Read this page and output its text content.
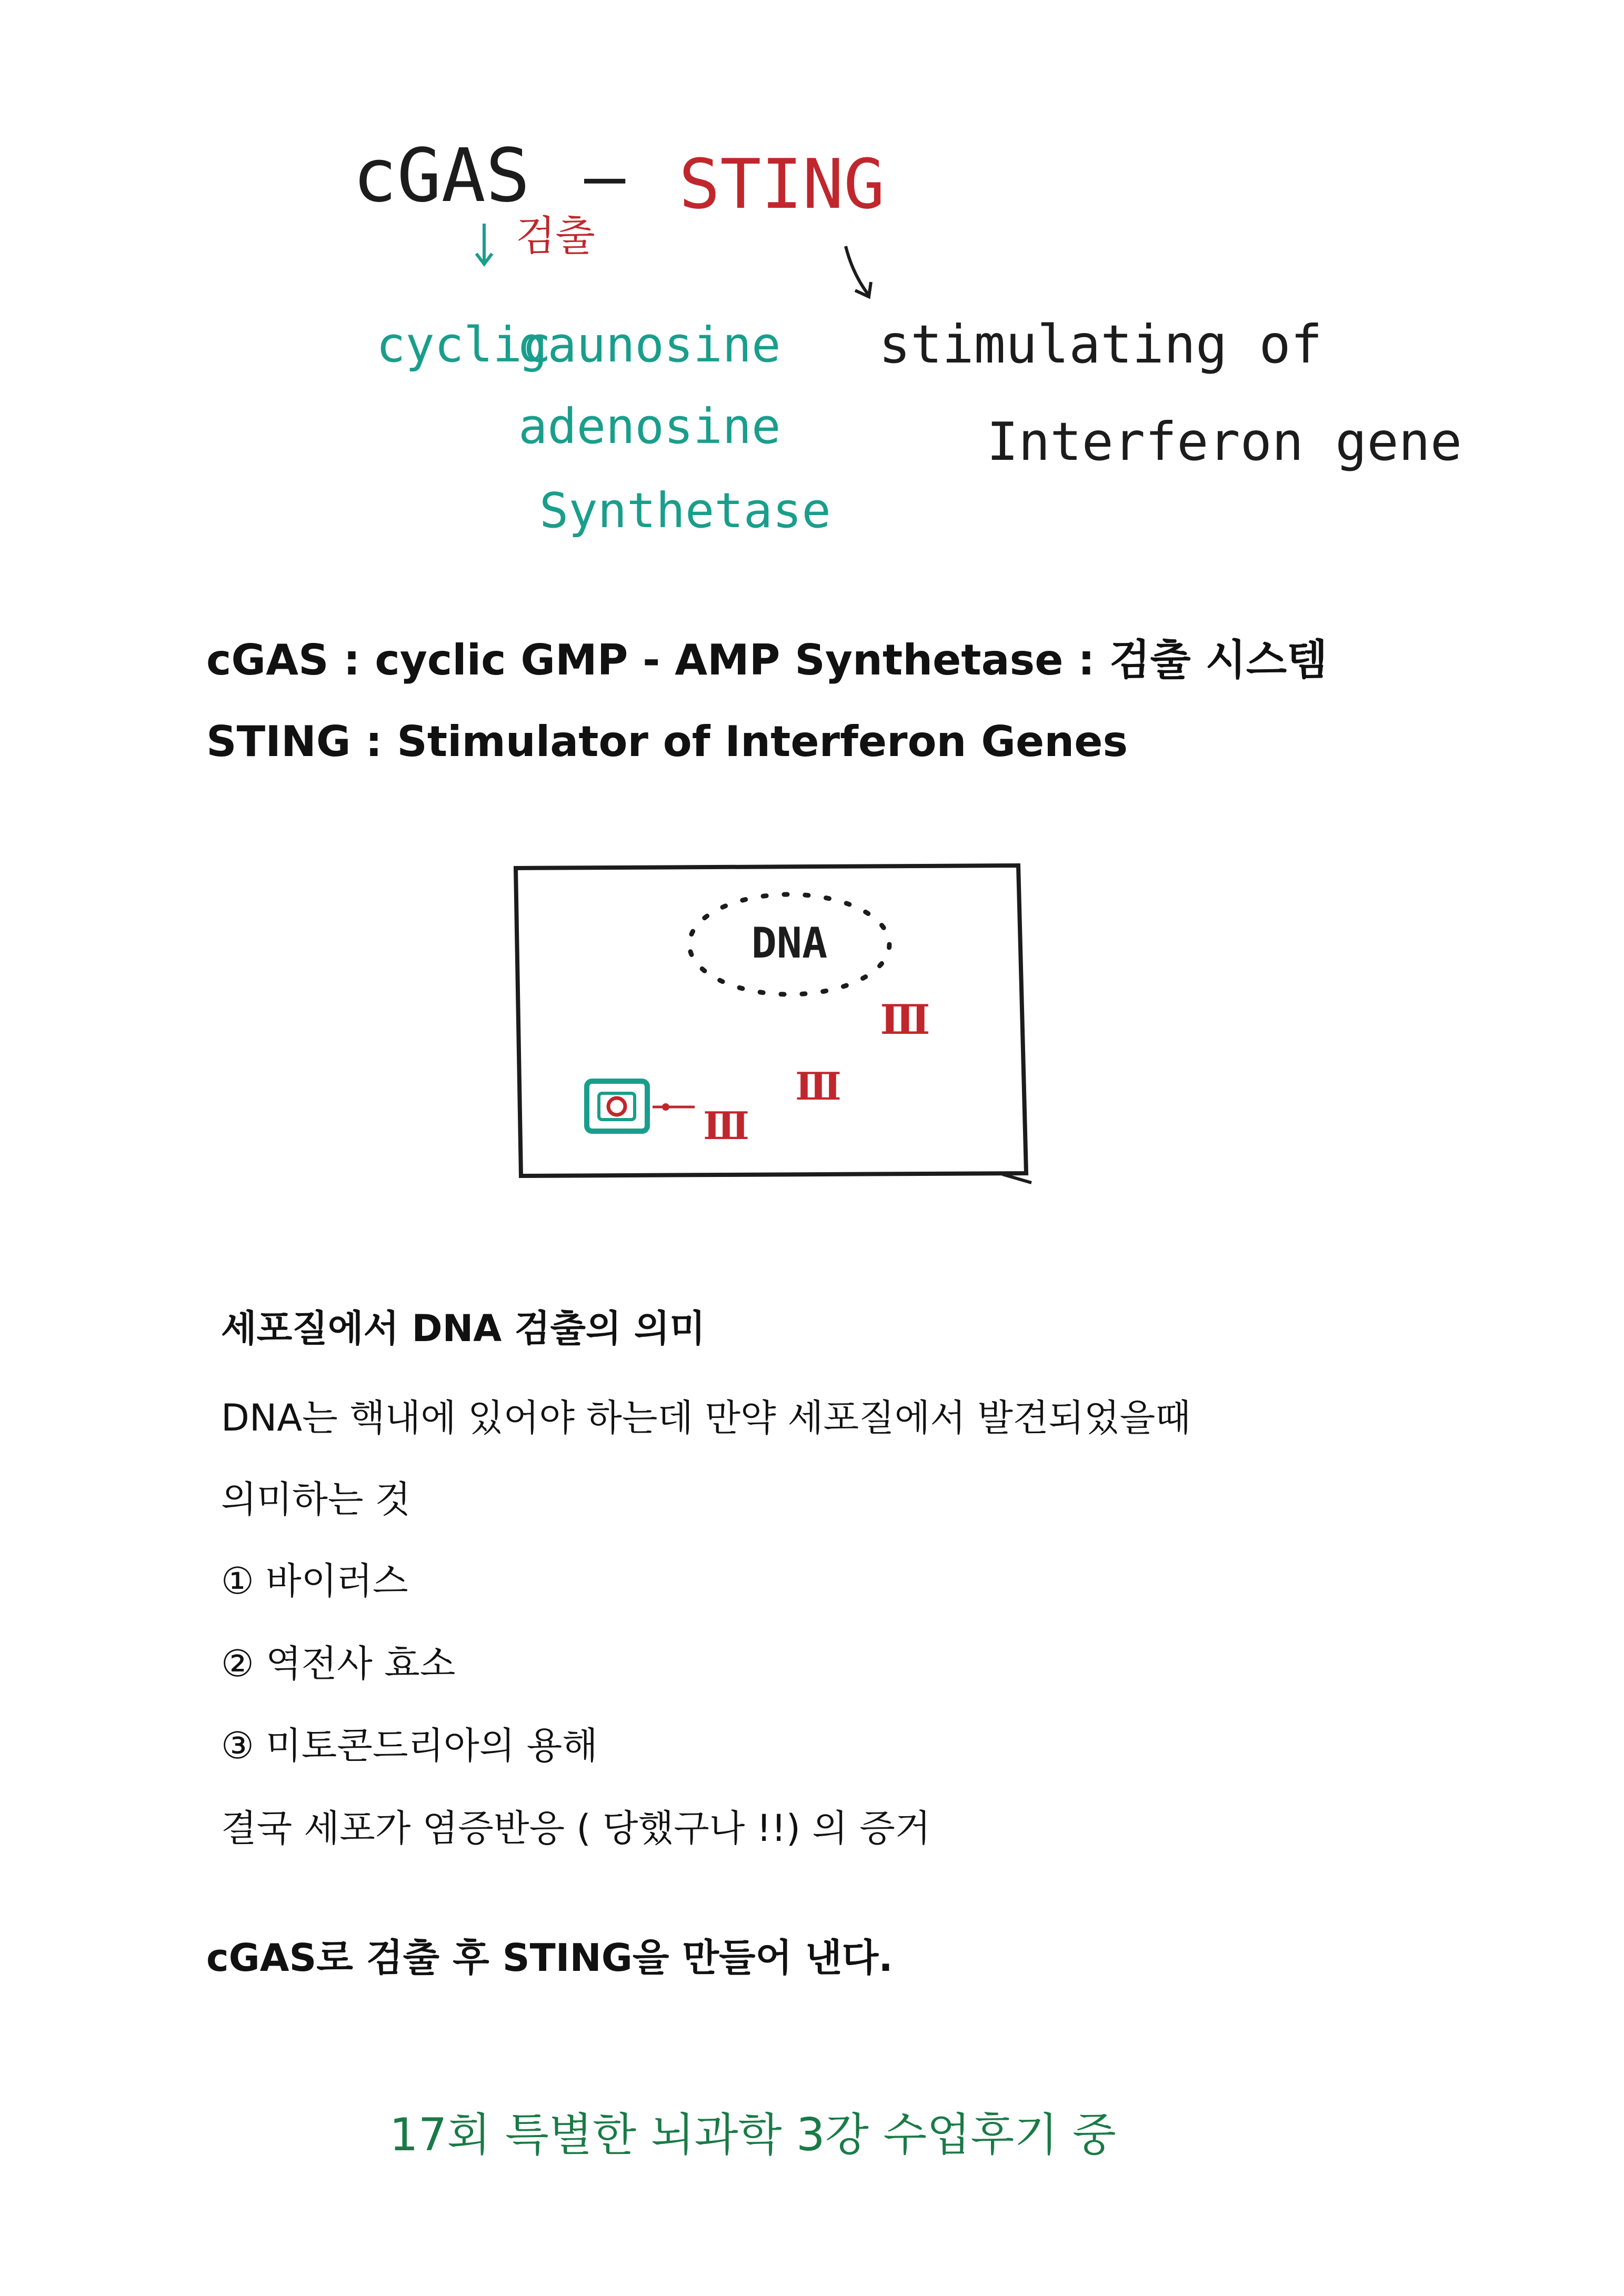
cGAS — STING
검출
cyclic
gaunosine
adenosine
Synthetase
stimulating of
Interferon gene
cGAS : cyclic GMP - AMP Synthetase : 검출 시스템
STING : Stimulator of Interferon Genes
DNA
Ⅲ
Ⅲ
Ⅲ
세포질에서 DNA 검출의 의미
DNA는 핵내에 있어야 하는데 만약 세포질에서 발견되었을때
의미하는 것
① 바이러스
② 역전사 효소
③ 미토콘드리아의 용해
결국 세포가 염증반응 ( 당했구나 !!) 의 증거
cGAS로 검출 후 STING을 만들어 낸다.
17회 특별한 뇌과학 3강 수업후기 중
